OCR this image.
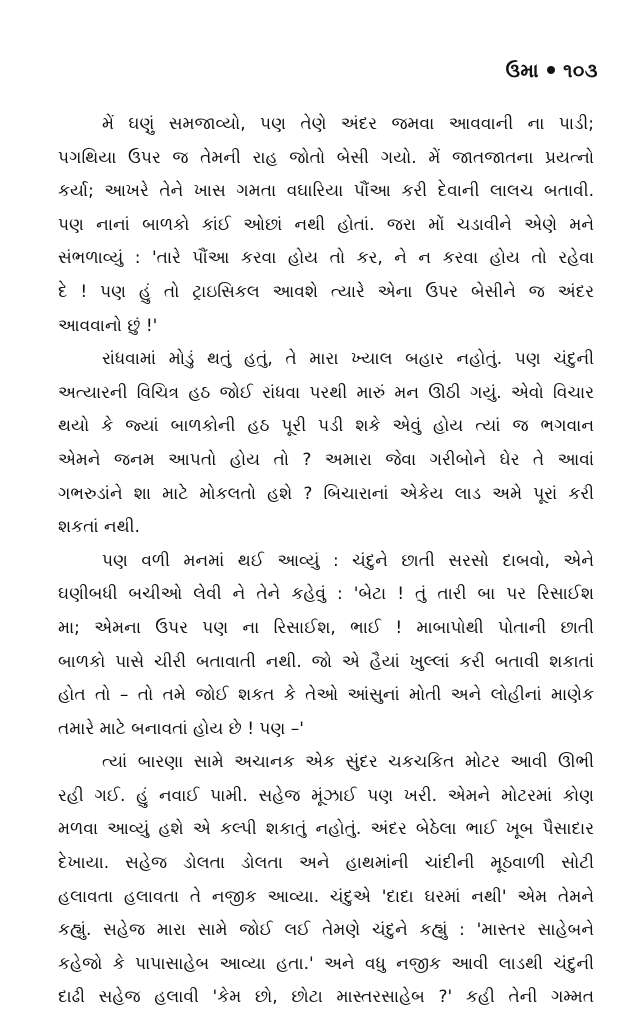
ઉમા ૧૦૩
મેં ઘણું સમજાવ્યો, પણ તેણે અંદર જમવા આવવાની ના પાડી;
પગથિયા ઉપર જ તેમની રાહ જોતો બેસી ગયો. મેં જાતજાતના પ્રયત્નો
કર્યા; આખરે તેને ખાસ ગમતા વઘારિયા પૌંઆ કરી દેવાની લાલચ બતાવી.
પણ નાનાં બાળકો કાંઈ ઓછાં નથી હોતાં. જરા મોં ચડાવીને એણે મને
સંભળાવ્યું : 'તારે પૌંઆ કરવા હોય તો કર, ને ન કરવા હોય તો રહેવા
દે ! પણ હું તો ટ્રાઇસિકલ આવશે ત્યારે એના ઉપર બેસીને જ અંદર
આવવાનો છું !'
રાંધવામાં મોડું થતું હતું, તે મારા ખ્યાલ બહાર નહોતું. પણ ચંદુની
અત્યારની વિચિત્ર હઠ જોઈ રાંધવા પરથી મારું મન ઊઠી ગયું. એવો વિચાર
થયો કે જ્યાં બાળકોની હઠ પૂરી પડી શકે એવું હોય ત્યાં જ ભગવાન
એમને જનમ આપતો હોય તો ? અમારા જેવા ગરીબોને ઘેર તે આવાં
ગભરુડાંને શા માટે મોકલતો હશે ? બિચારાનાં એકેય લાડ અમે પૂરાં કરી
શકતાં નથી.
પણ વળી મનમાં થઈ આવ્યું : ચંદુને છાતી સરસો દાબવો, એને
ઘણીબધી બચીઓ લેવી ને તેને કહેવું : 'બેટા ! તું તારી બા પર રિસાઈશ
મા; એમના ઉપર પણ ના રિસાઈશ, ભાઈ ! માબાપોથી પોતાની છાતી
બાળકો પાસે ચીરી બતાવાતી નથી. જો એ હૈયાં ખુલ્લાં કરી બતાવી શકાતાં
હોત તો – તો તમે જોઈ શકત કે તેઓ આંસુનાં મોતી અને લોહીનાં માણેક
તમારે માટે બનાવતાં હોય છે ! પણ –'
ત્યાં બારણા સામે અચાનક એક સુંદર ચકચકિત મોટર આવી ઊભી
રહી ગઈ. હું નવાઈ પામી. સહેજ મૂંઝાઈ પણ ખરી. એમને મોટરમાં કોણ
મળવા આવ્યું હશે એ કલ્પી શકાતું નહોતું. અંદર બેઠેલા ભાઈ ખૂબ પૈસાદાર
દેખાયા. સહેજ ડોલતા ડોલતા અને હાથમાંની ચાંદીની મૂઠવાળી સોટી
હલાવતા હલાવતા તે નજીક આવ્યા. ચંદુએ 'દાદા ઘરમાં નથી' એમ તેમને
કહ્યું. સહેજ મારા સામે જોઈ લઈ તેમણે ચંદુને કહ્યું : 'માસ્તર સાહેબને
કહેજો કે પાપાસાહેબ આવ્યા હતા.' અને વધુ નજીક આવી લાડથી ચંદુની
દાઢી સહેજ હલાવી 'કેમ છો, છોટા માસ્તરસાહેબ ?' કહી તેની ગમ્મત
